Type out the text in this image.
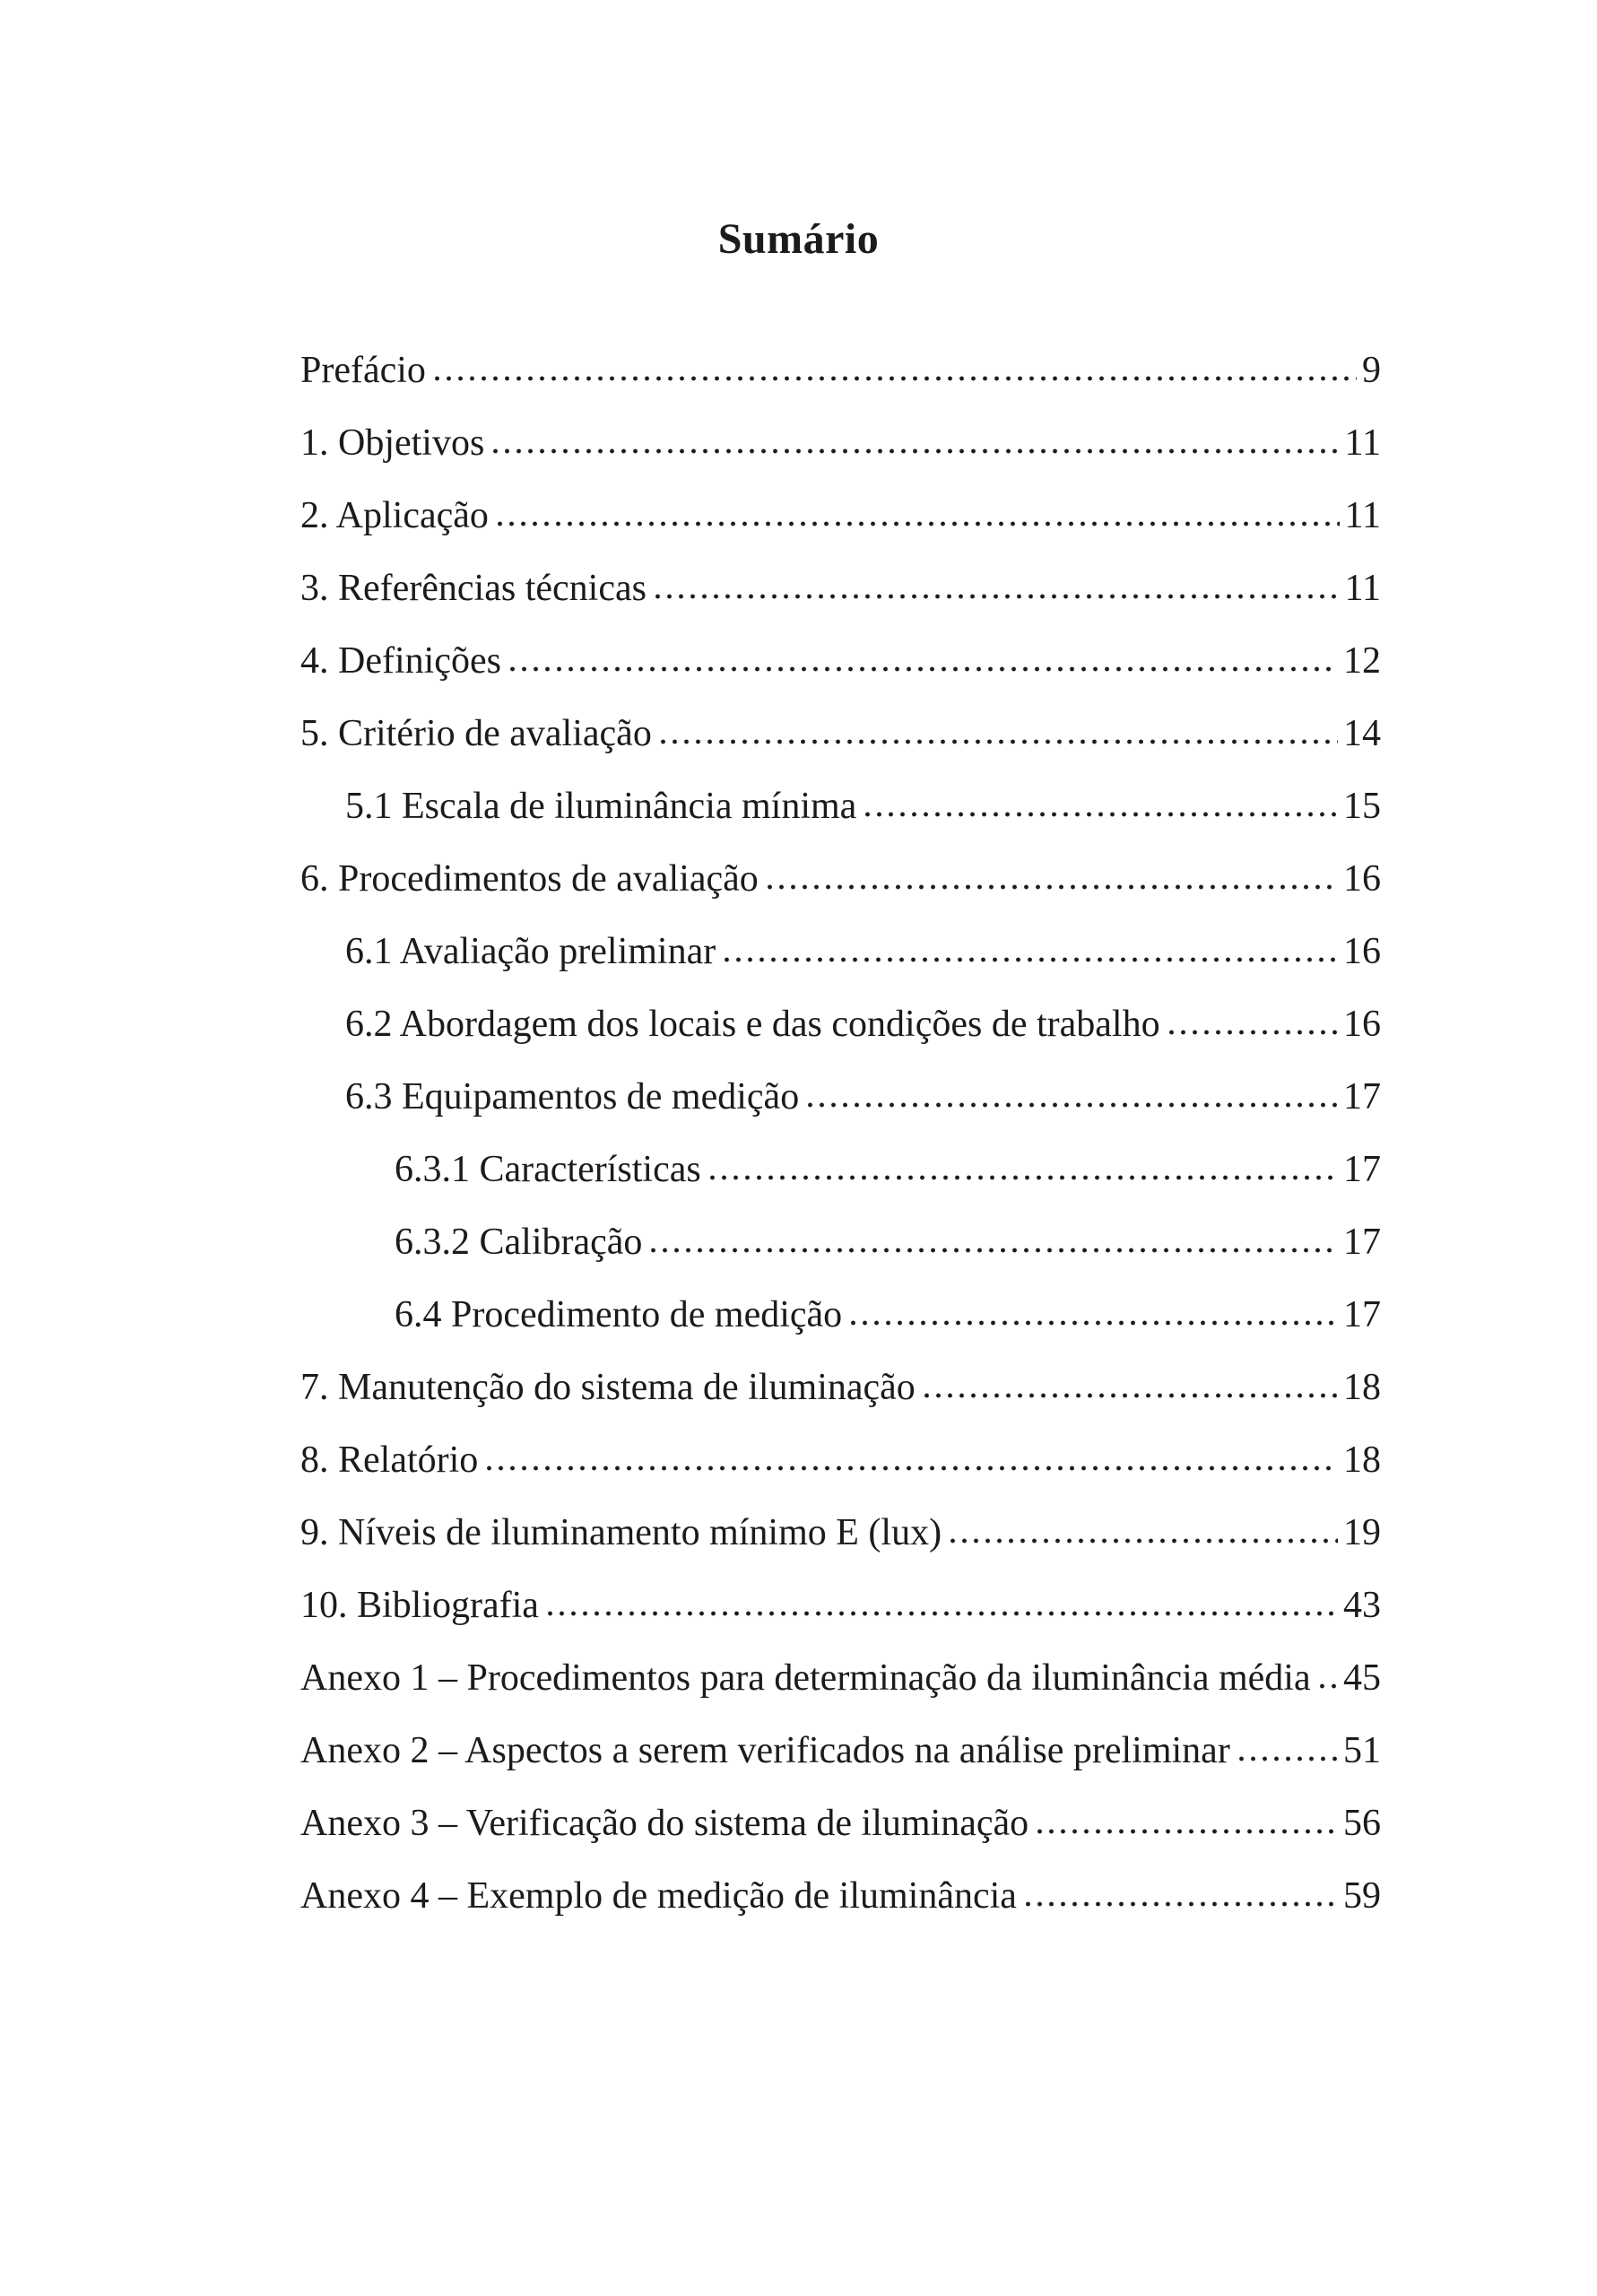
Sumário
Prefácio	9
1. Objetivos	11
2. Aplicação	11
3. Referências técnicas	11
4. Definições	12
5. Critério de avaliação	14
5.1 Escala de iluminância mínima	15
6. Procedimentos de avaliação	16
6.1 Avaliação preliminar	16
6.2 Abordagem dos locais e das condições de trabalho	16
6.3 Equipamentos de medição	17
6.3.1 Características	17
6.3.2 Calibração	17
6.4 Procedimento de medição	17
7. Manutenção do sistema de iluminação	18
8. Relatório	18
9. Níveis de iluminamento mínimo E (lux)	19
10. Bibliografia	43
Anexo 1 – Procedimentos para determinação da iluminância média 45
Anexo 2 – Aspectos a serem verificados na análise preliminar	51
Anexo 3 – Verificação do sistema de iluminação	56
Anexo 4 – Exemplo de medição de iluminância	59
